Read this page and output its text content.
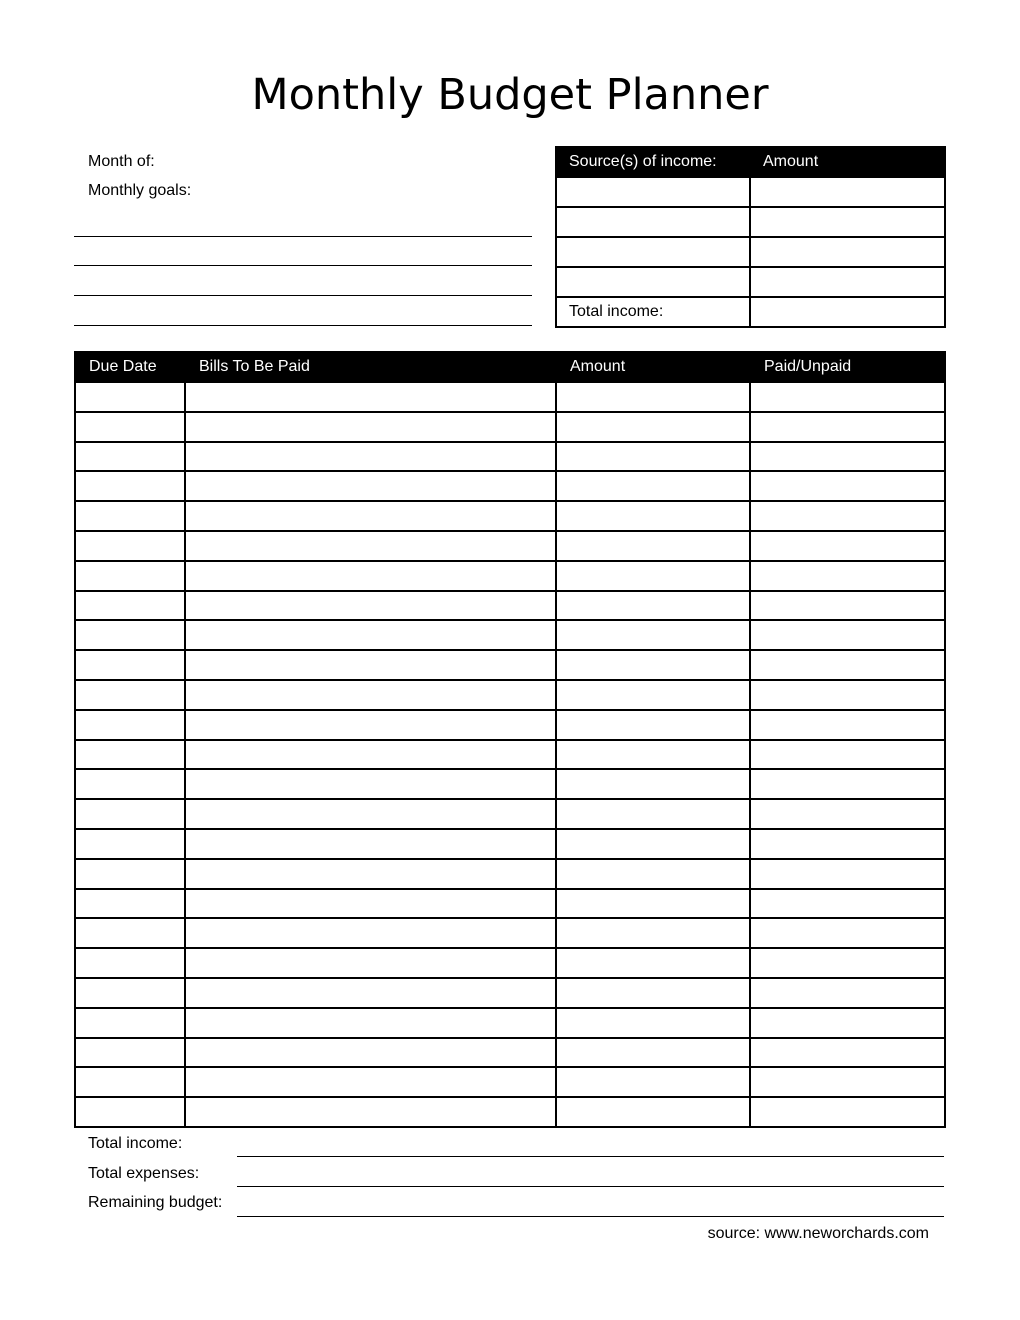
Monthly Budget Planner
Month of:
Monthly goals:
Source(s) of income:	Amount

Total income:	
Due Date	Bills To Be Paid	Amount	Paid/Unpaid

Total income:
Total expenses:
Remaining budget:
source: www.neworchards.com
